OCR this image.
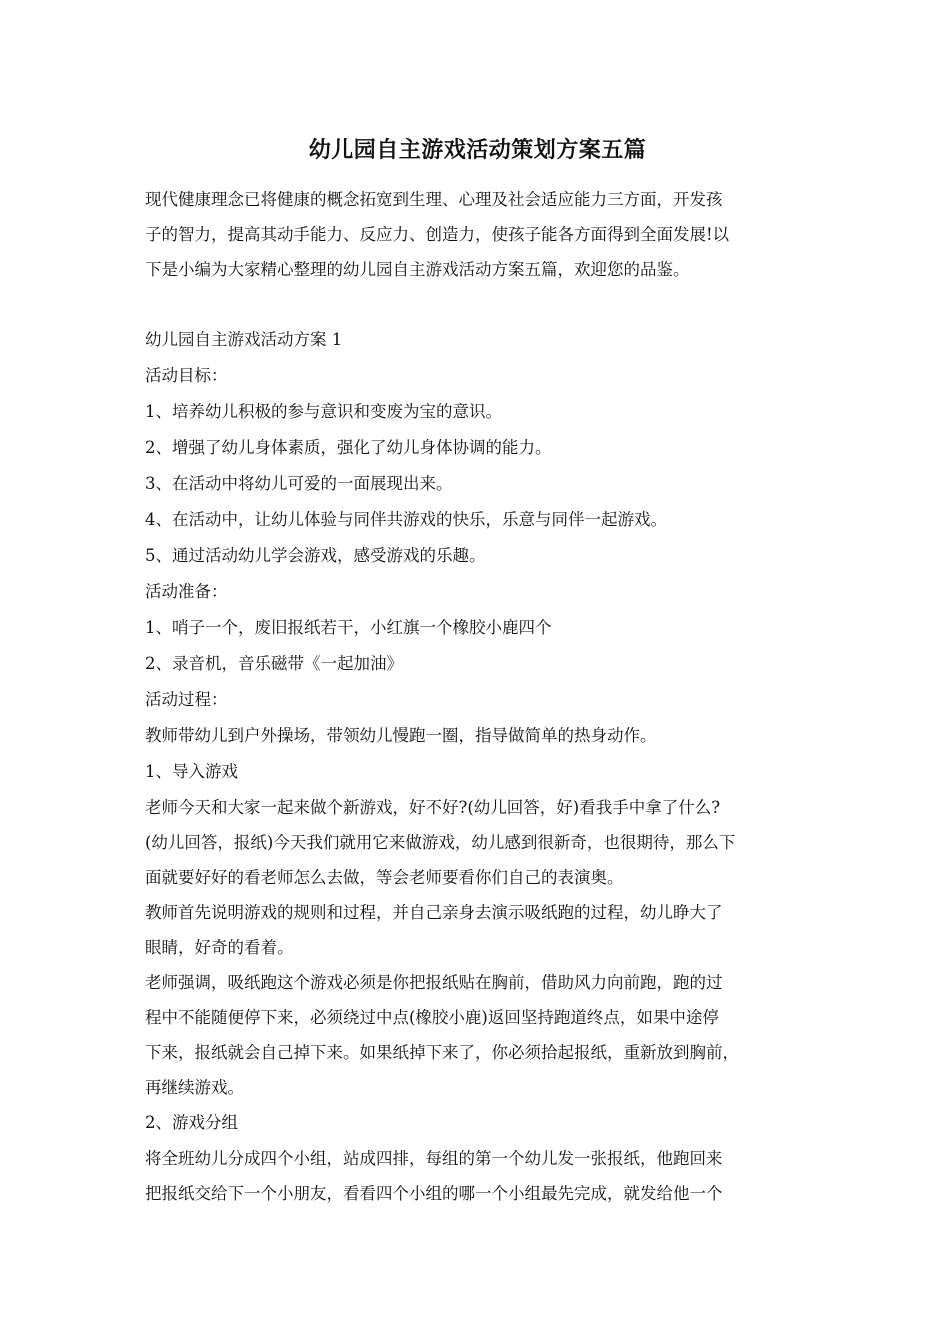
幼儿园自主游戏活动策划方案五篇

现代健康理念已将健康的概念拓宽到生理、心理及社会适应能力三方面，开发孩
子的智力，提高其动手能力、反应力、创造力，使孩子能各方面得到全面发展!以
下是小编为大家精心整理的幼儿园自主游戏活动方案五篇，欢迎您的品鉴。

幼儿园自主游戏活动方案 1

活动目标：

1、培养幼儿积极的参与意识和变废为宝的意识。

2、增强了幼儿身体素质，强化了幼儿身体协调的能力。

3、在活动中将幼儿可爱的一面展现出来。

4、在活动中，让幼儿体验与同伴共游戏的快乐，乐意与同伴一起游戏。

5、通过活动幼儿学会游戏，感受游戏的乐趣。

活动准备：

1、哨子一个，废旧报纸若干，小红旗一个橡胶小鹿四个

2、录音机，音乐磁带《一起加油》

活动过程：

教师带幼儿到户外操场，带领幼儿慢跑一圈，指导做简单的热身动作。

1、导入游戏

老师今天和大家一起来做个新游戏，好不好?(幼儿回答，好)看我手中拿了什么?
(幼儿回答，报纸)今天我们就用它来做游戏，幼儿感到很新奇，也很期待，那么下
面就要好好的看老师怎么去做，等会老师要看你们自己的表演奥。

教师首先说明游戏的规则和过程，并自己亲身去演示吸纸跑的过程，幼儿睁大了
眼睛，好奇的看着。

老师强调，吸纸跑这个游戏必须是你把报纸贴在胸前，借助风力向前跑，跑的过
程中不能随便停下来，必须绕过中点(橡胶小鹿)返回坚持跑道终点，如果中途停
下来，报纸就会自己掉下来。如果纸掉下来了，你必须拾起报纸，重新放到胸前，
再继续游戏。

2、游戏分组

将全班幼儿分成四个小组，站成四排，每组的第一个幼儿发一张报纸，他跑回来
把报纸交给下一个小朋友，看看四个小组的哪一个小组最先完成，就发给他一个
